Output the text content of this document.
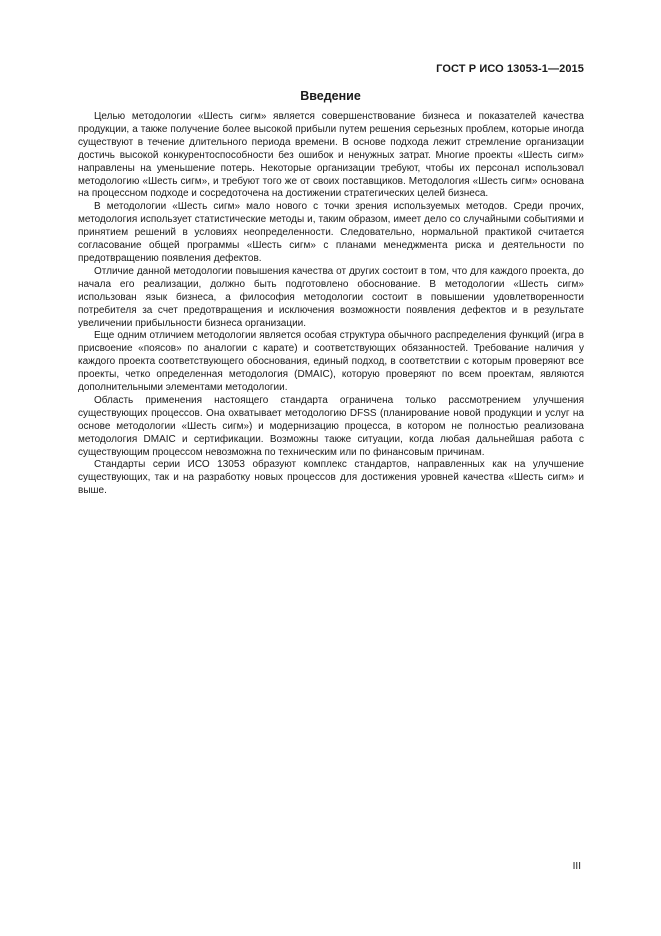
ГОСТ Р ИСО 13053-1—2015
Введение

Целью методологии «Шесть сигм» является совершенствование бизнеса и показателей качества продукции, а также получение более высокой прибыли путем решения серьезных проблем, которые иногда существуют в течение длительного периода времени. В основе подхода лежит стремление организации достичь высокой конкурентоспособности без ошибок и ненужных затрат. Многие проекты «Шесть сигм» направлены на уменьшение потерь. Некоторые организации требуют, чтобы их персонал использовал методологию «Шесть сигм», и требуют того же от своих поставщиков. Методология «Шесть сигм» основана на процессном подходе и сосредоточена на достижении стратегических целей бизнеса.

В методологии «Шесть сигм» мало нового с точки зрения используемых методов. Среди прочих, методология использует статистические методы и, таким образом, имеет дело со случайными событиями и принятием решений в условиях неопределенности. Следовательно, нормальной практикой считается согласование общей программы «Шесть сигм» с планами менеджмента риска и деятельности по предотвращению появления дефектов.

Отличие данной методологии повышения качества от других состоит в том, что для каждого проекта, до начала его реализации, должно быть подготовлено обоснование. В методологии «Шесть сигм» использован язык бизнеса, а философия методологии состоит в повышении удовлетворенности потребителя за счет предотвращения и исключения возможности появления дефектов и в результате увеличении прибыльности бизнеса организации.

Еще одним отличием методологии является особая структура обычного распределения функций (игра в присвоение «поясов» по аналогии с карате) и соответствующих обязанностей. Требование наличия у каждого проекта соответствующего обоснования, единый подход, в соответствии с которым проверяют все проекты, четко определенная методология (DMAIC), которую проверяют по всем проектам, являются дополнительными элементами методологии.

Область применения настоящего стандарта ограничена только рассмотрением улучшения существующих процессов. Она охватывает методологию DFSS (планирование новой продукции и услуг на основе методологии «Шесть сигм») и модернизацию процесса, в котором не полностью реализована методология DMAIC и сертификации. Возможны также ситуации, когда любая дальнейшая работа с существующим процессом невозможна по техническим или по финансовым причинам.

Стандарты серии ИСО 13053 образуют комплекс стандартов, направленных как на улучшение существующих, так и на разработку новых процессов для достижения уровней качества «Шесть сигм» и выше.

III
